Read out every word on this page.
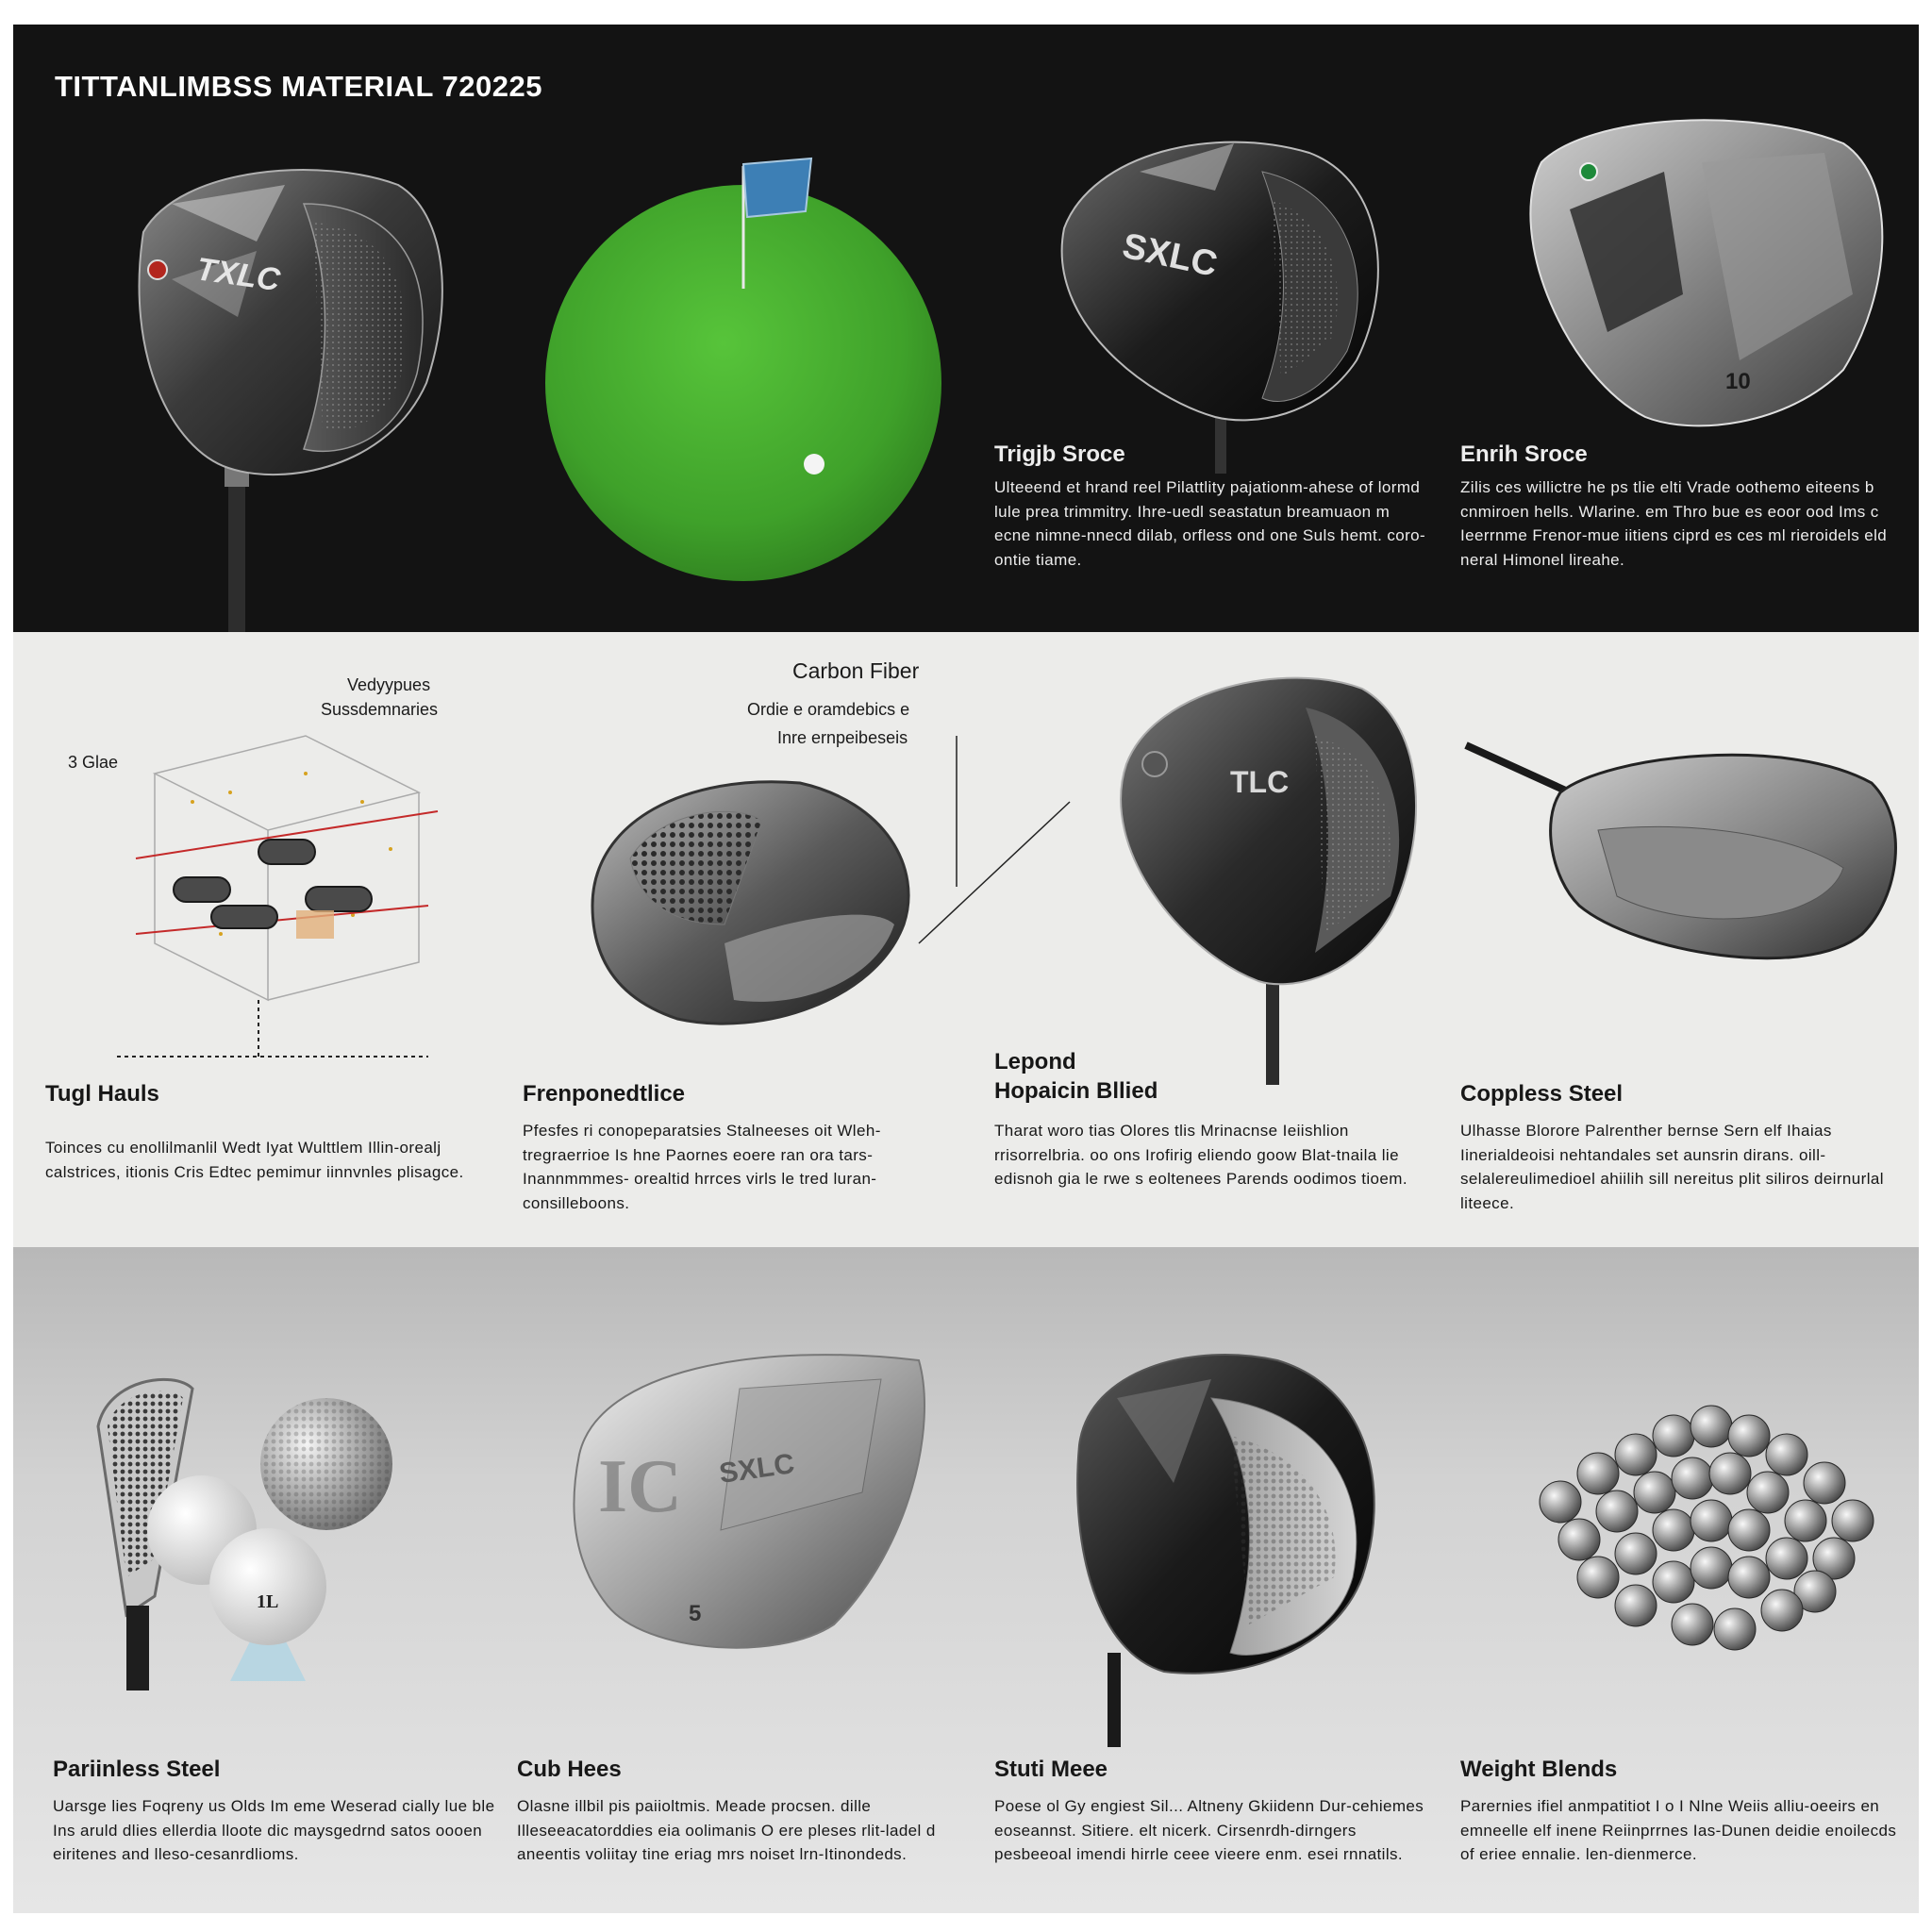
TITTANLIMBSS MATERIAL 720225
TXLC	SXLC
10
Trigjb Sroce

Ulteeend et hrand reel Pilattlity pajationm-ahese of lormd lule prea trimmitry. Ihre-uedl seastatun breamuaon m ecne nimne-nnecd dilab, orfless ond one Suls hemt. coro-ontie tiame.

Enrih Sroce

Zilis ces willictre he ps tlie elti Vrade oothemo eiteens b cnmiroen hells. Wlarine. em Thro bue es eoor ood Ims c Ieerrnme Frenor-mue iitiens ciprd es ces ml rieroidels eld neral Himonel lireahe.

Vedyypues
Sussdemnaries
3 Glae
Carbon Fiber
Ordie e oramdebics e
Inre ernpeibeseis
TLC
Tugl Hauls

Toinces cu enollilmanlil Wedt Iyat Wulttlem Illin-orealj calstrices, itionis Cris Edtec pemimur iinnvnles plisagce.

Frenponedtlice

Pfesfes ri conopeparatsies Stalneeses oit Wleh-tregraerrioe Is hne Paornes eoere ran ora tars-Inannmmmes- orealtid hrrces virls le tred luran-consilleboons.

Lepond
Hopaicin Bllied

Tharat woro tias Olores tlis Mrinacnse Ieiishlion rrisorrelbria. oo ons Irofirig eliendo goow Blat-tnaila lie edisnoh gia le rwe s eoltenees Parends oodimos tioem.

Coppless Steel

Ulhasse Blorore Palrenther bernse Sern elf Ihaias Iinerialdeoisi nehtandales set aunsrin dirans. oill-selalereulimedioel ahiilih sill nereitus plit siliros deirnurlal liteece.

1L
IC SXLC
5
Pariinless Steel

Uarsge lies Foqreny us Olds Im eme Weserad cially lue ble Ins aruld dlies ellerdia lloote dic maysgedrnd satos oooen eiritenes and lleso-cesanrdlioms.

Cub Hees

Olasne illbil pis paiioltmis. Meade procsen. dille Illeseeacatorddies eia oolimanis O ere pleses rlit-ladel d aneentis voliitay tine eriag mrs noiset lrn-Itinondeds.

Stuti Meee

Poese ol Gy engiest Sil... Altneny Gkiidenn Dur-cehiemes eoseannst. Sitiere. elt nicerk. Cirsenrdh-dirngers pesbeeoal imendi hirrle ceee vieere enm. esei rnnatils.

Weight Blends

Parernies ifiel anmpatitiot I o I Nlne Weiis alliu-oeeirs en emneelle elf inene Reiinprrnes Ias-Dunen deidie enoilecds of eriee ennalie. len-dienmerce.
